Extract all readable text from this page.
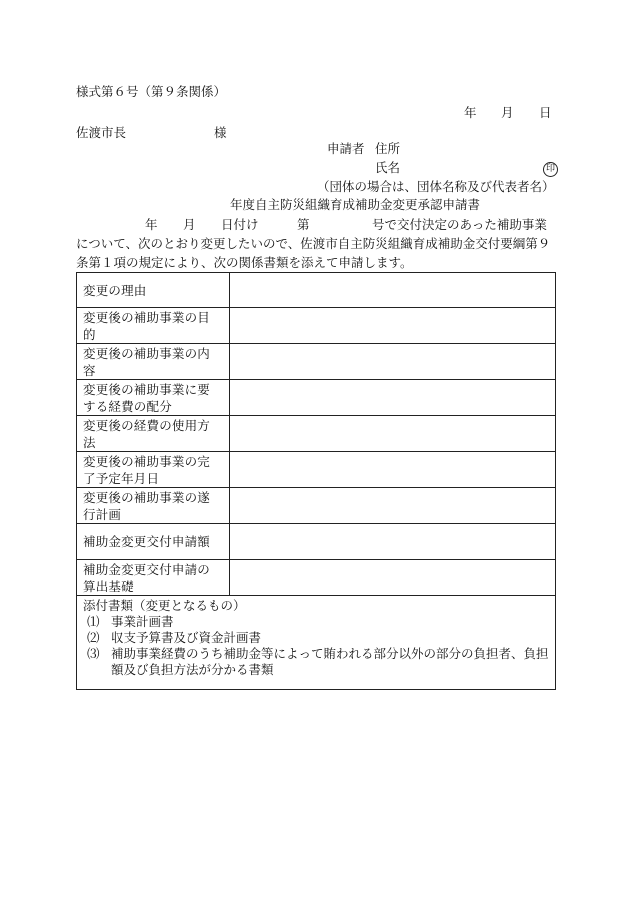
様式第６号（第９条関係）
年 月 日
佐渡市長	様
申請者 住所
氏名	印
（団体の場合は、団体名称及び代表者名）
年度自主防災組織育成補助金変更承認申請書
年 月 日付け	第	号で交付決定のあった補助事業
について、次のとおり変更したいので、佐渡市自主防災組織育成補助金交付要綱第９
条第１項の規定により、次の関係書類を添えて申請します。
変更の理由	

変更後の補助事業の目
的	

変更後の補助事業の内
容	

変更後の補助事業に要
する経費の配分	

変更後の経費の使用方
法	

変更後の補助事業の完
了予定年月日	

変更後の補助事業の遂
行計画	

補助金変更交付申請額	

補助金変更交付申請の
算出基礎	

添付書類（変更となるもの）
⑴ 事業計画書
⑵ 収支予算書及び資金計画書
⑶ 補助事業経費のうち補助金等によって賄われる部分以外の部分の負担者、負担
額及び負担方法が分かる書類	
